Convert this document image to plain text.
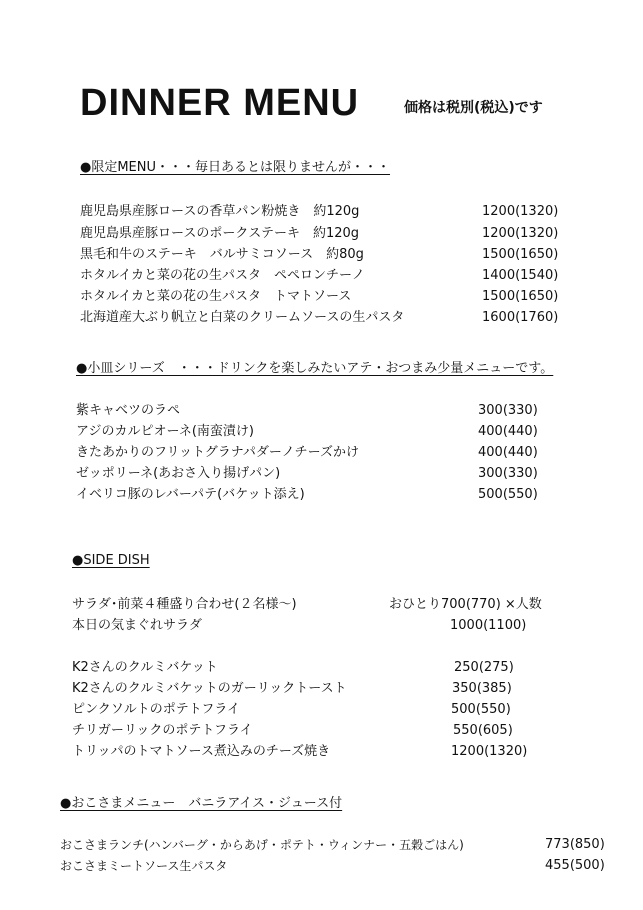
DINNER MENU	価格は税別(税込)です
●限定MENU・・・毎日あるとは限りませんが・・・
鹿児島県産豚ロースの香草パン粉焼き　約120g	1200(1320)
鹿児島県産豚ロースのポークステーキ　約120g	1200(1320)
黒毛和牛のステーキ　バルサミコソース　約80g	1500(1650)
ホタルイカと菜の花の生パスタ　ペペロンチーノ	1400(1540)
ホタルイカと菜の花の生パスタ　トマトソース	1500(1650)
北海道産大ぶり帆立と白菜のクリームソースの生パスタ	1600(1760)
●小皿シリーズ　・・・ドリンクを楽しみたいアテ・おつまみ少量メニューです。
紫キャベツのラペ	300(330)
アジのカルピオーネ(南蛮漬け)	400(440)
きたあかりのフリットグラナパダーノチーズかけ	400(440)
ゼッポリーネ(あおさ入り揚げパン)	300(330)
イベリコ豚のレバーパテ(バケット添え)	500(550)
●SIDE DISH
サラダ･前菜４種盛り合わせ(２名様〜)	おひとり700(770) ×人数
本日の気まぐれサラダ	1000(1100)
K2さんのクルミバケット	250(275)
K2さんのクルミバケットのガーリックトースト	350(385)
ピンクソルトのポテトフライ	500(550)
チリガーリックのポテトフライ	550(605)
トリッパのトマトソース煮込みのチーズ焼き	1200(1320)
●おこさまメニュー　バニラアイス・ジュース付
おこさまランチ(ハンバーグ・からあげ・ポテト・ウィンナー・五穀ごはん)	773(850)
おこさまミートソース生パスタ	455(500)
